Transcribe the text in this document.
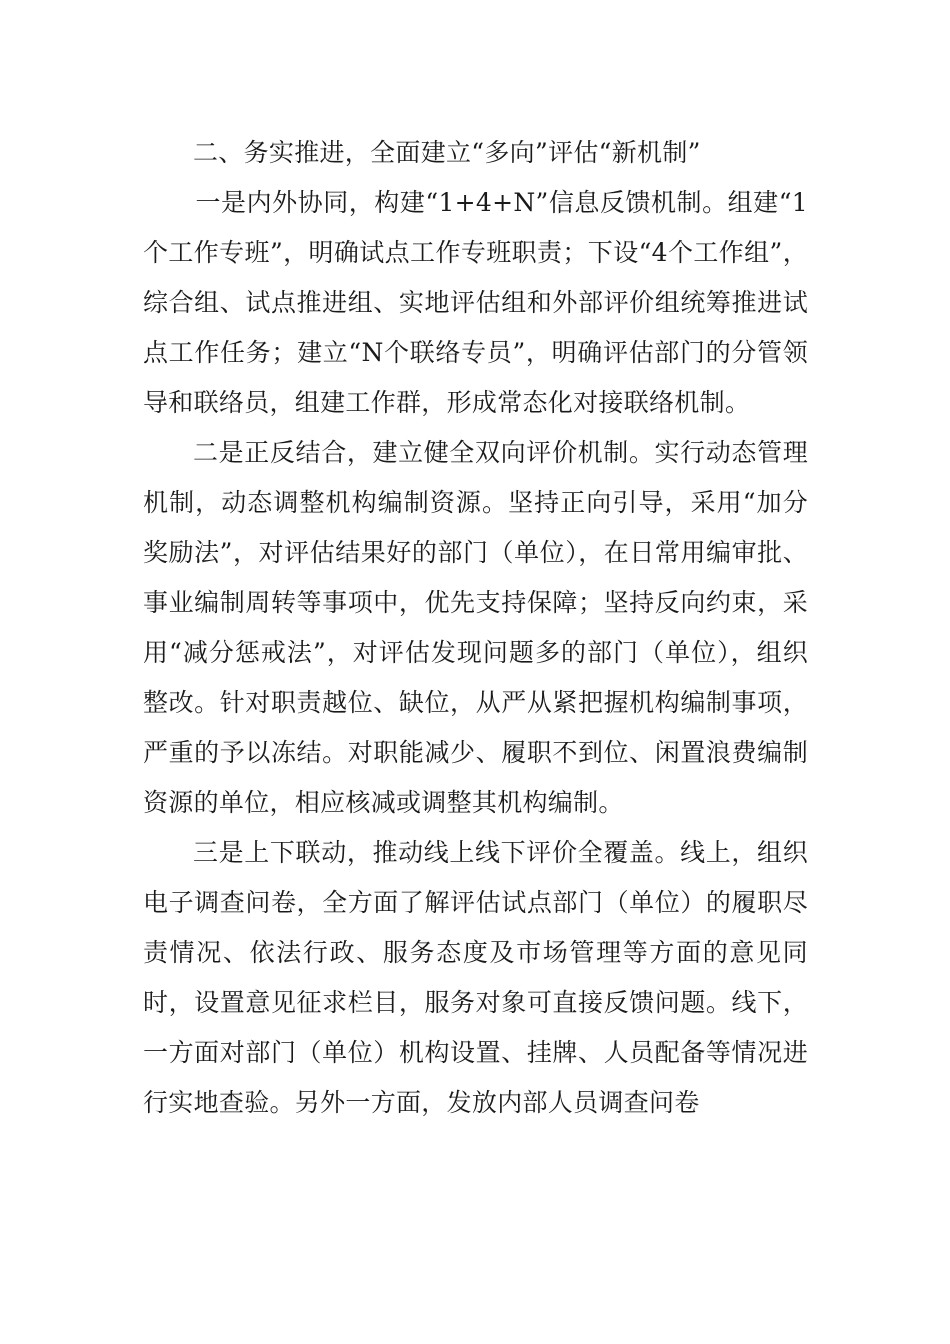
二、务实推进，全面建立“多向”评估“新机制”

一是内外协同，构建“1+4+N”信息反馈机制。组建“1个工作专班”，明确试点工作专班职责；下设“4个工作组”，综合组、试点推进组、实地评估组和外部评价组统筹推进试点工作任务；建立“N个联络专员”，明确评估部门的分管领导和联络员，组建工作群，形成常态化对接联络机制。

二是正反结合，建立健全双向评价机制。实行动态管理机制，动态调整机构编制资源。坚持正向引导，采用“加分奖励法”，对评估结果好的部门（单位），在日常用编审批、事业编制周转等事项中，优先支持保障；坚持反向约束，采用“减分惩戒法”，对评估发现问题多的部门（单位），组织整改。针对职责越位、缺位，从严从紧把握机构编制事项，严重的予以冻结。对职能减少、履职不到位、闲置浪费编制资源的单位，相应核减或调整其机构编制。

三是上下联动，推动线上线下评价全覆盖。线上，组织电子调查问卷，全方面了解评估试点部门（单位）的履职尽责情况、依法行政、服务态度及市场管理等方面的意见同时，设置意见征求栏目，服务对象可直接反馈问题。线下，一方面对部门（单位）机构设置、挂牌、人员配备等情况进行实地查验。另外一方面，发放内部人员调查问卷
